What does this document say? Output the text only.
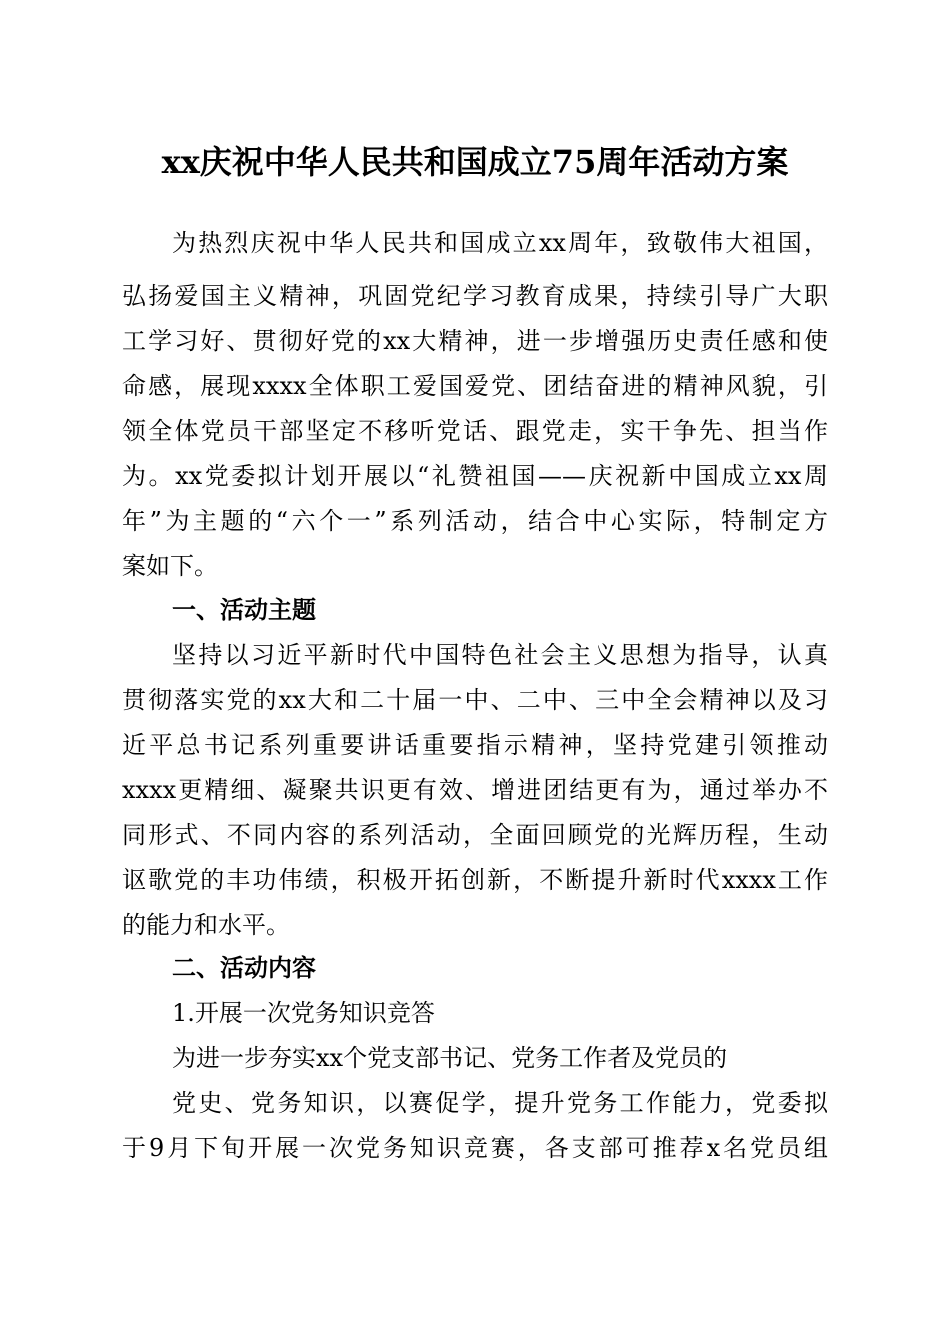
xx庆祝中华人民共和国成立75周年活动方案

为热烈庆祝中华人民共和国成立xx周年，致敬伟大祖国，

弘扬爱国主义精神，巩固党纪学习教育成果，持续引导广大职

工学习好、贯彻好党的xx大精神，进一步增强历史责任感和使

命感，展现xxxx全体职工爱国爱党、团结奋进的精神风貌，引

领全体党员干部坚定不移听党话、跟党走，实干争先、担当作

为。xx党委拟计划开展以“礼赞祖国——庆祝新中国成立xx周

年”为主题的“六个一”系列活动，结合中心实际，特制定方

案如下。

一、活动主题

坚持以习近平新时代中国特色社会主义思想为指导，认真

贯彻落实党的xx大和二十届一中、二中、三中全会精神以及习

近平总书记系列重要讲话重要指示精神，坚持党建引领推动

xxxx更精细、凝聚共识更有效、增进团结更有为，通过举办不

同形式、不同内容的系列活动，全面回顾党的光辉历程，生动

讴歌党的丰功伟绩，积极开拓创新，不断提升新时代xxxx工作

的能力和水平。

二、活动内容

1.开展一次党务知识竞答

为进一步夯实xx个党支部书记、党务工作者及党员的

党史、党务知识，以赛促学，提升党务工作能力，党委拟

于9月下旬开展一次党务知识竞赛，各支部可推荐x名党员组
